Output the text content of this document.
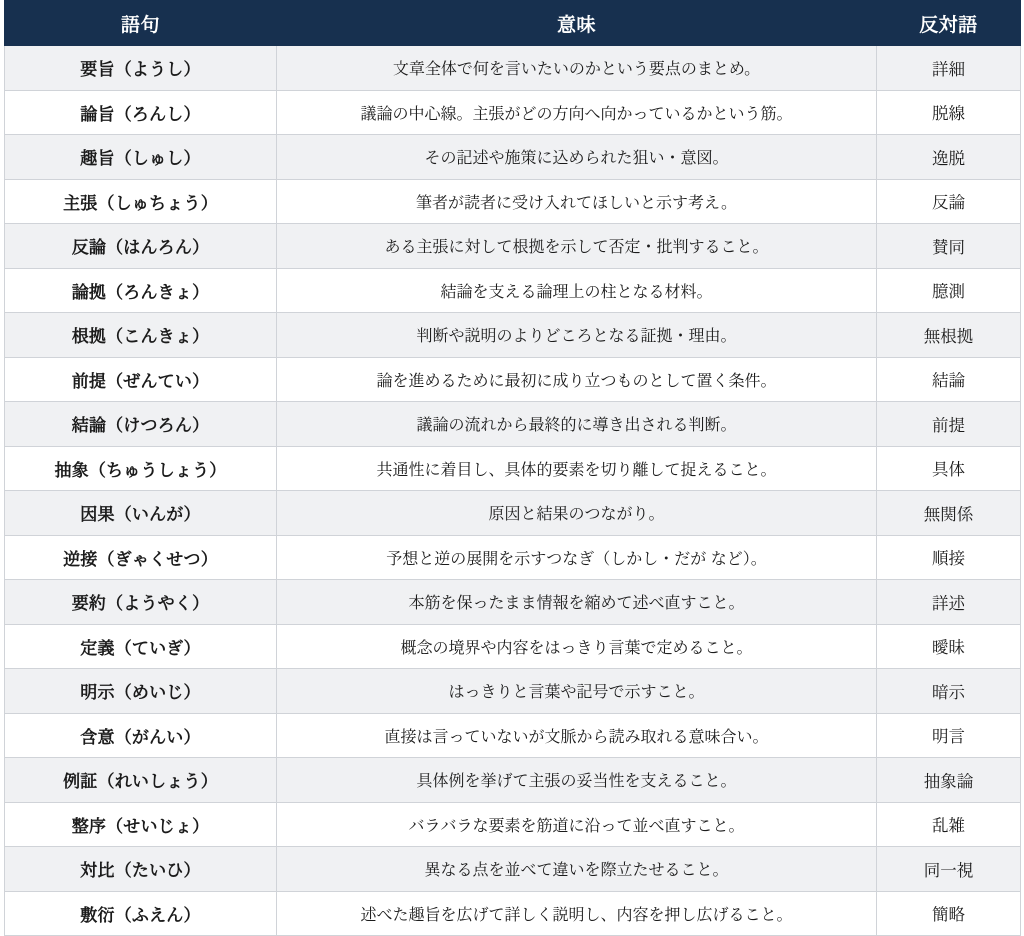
語句	意味	反対語
要旨（ようし）	文章全体で何を言いたいのかという要点のまとめ。	詳細
論旨（ろんし）	議論の中心線。主張がどの方向へ向かっているかという筋。	脱線
趣旨（しゅし）	その記述や施策に込められた狙い・意図。	逸脱
主張（しゅちょう）	筆者が読者に受け入れてほしいと示す考え。	反論
反論（はんろん）	ある主張に対して根拠を示して否定・批判すること。	賛同
論拠（ろんきょ）	結論を支える論理上の柱となる材料。	臆測
根拠（こんきょ）	判断や説明のよりどころとなる証拠・理由。	無根拠
前提（ぜんてい）	論を進めるために最初に成り立つものとして置く条件。	結論
結論（けつろん）	議論の流れから最終的に導き出される判断。	前提
抽象（ちゅうしょう）	共通性に着目し、具体的要素を切り離して捉えること。	具体
因果（いんが）	原因と結果のつながり。	無関係
逆接（ぎゃくせつ）	予想と逆の展開を示すつなぎ（しかし・だが など）。	順接
要約（ようやく）	本筋を保ったまま情報を縮めて述べ直すこと。	詳述
定義（ていぎ）	概念の境界や内容をはっきり言葉で定めること。	曖昧
明示（めいじ）	はっきりと言葉や記号で示すこと。	暗示
含意（がんい）	直接は言っていないが文脈から読み取れる意味合い。	明言
例証（れいしょう）	具体例を挙げて主張の妥当性を支えること。	抽象論
整序（せいじょ）	バラバラな要素を筋道に沿って並べ直すこと。	乱雑
対比（たいひ）	異なる点を並べて違いを際立たせること。	同一視
敷衍（ふえん）	述べた趣旨を広げて詳しく説明し、内容を押し広げること。	簡略
